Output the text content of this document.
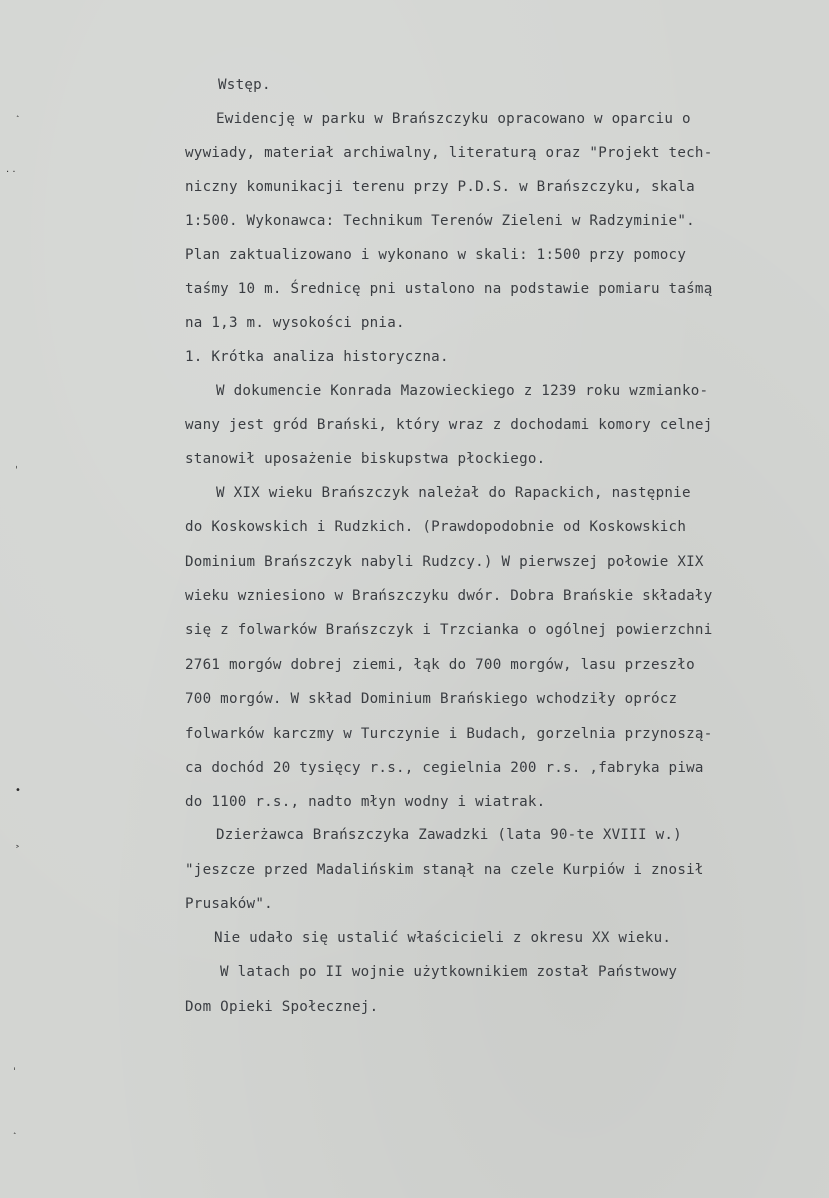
Wstęp.
Ewidencję w parku w Brańszczyku opracowano w oparciu o
wywiady, materiał archiwalny, literaturą oraz "Projekt tech-
niczny komunikacji terenu przy P.D.S. w Brańszczyku, skala
1:500. Wykonawca: Technikum Terenów Zieleni w Radzyminie".
Plan zaktualizowano i wykonano w skali: 1:500 przy pomocy
taśmy 10 m. Średnicę pni ustalono na podstawie pomiaru taśmą
na 1,3 m. wysokości pnia.
1. Krótka analiza historyczna.
W dokumencie Konrada Mazowieckiego z 1239 roku wzmianko-
wany jest gród Brański, który wraz z dochodami komory celnej
stanowił uposażenie biskupstwa płockiego.
W XIX wieku Brańszczyk należał do Rapackich, następnie
do Koskowskich i Rudzkich. (Prawdopodobnie od Koskowskich
Dominium Brańszczyk nabyli Rudzcy.) W pierwszej połowie XIX
wieku wzniesiono w Brańszczyku dwór. Dobra Brańskie składały
się z folwarków Brańszczyk i Trzcianka o ogólnej powierzchni
2761 morgów dobrej ziemi, łąk do 700 morgów, lasu przeszło
700 morgów. W skład Dominium Brańskiego wchodziły oprócz
folwarków karczmy w Turczynie i Budach, gorzelnia przynoszą-
ca dochód 20 tysięcy r.s., cegielnia 200 r.s. ,fabryka piwa
do 1100 r.s., nadto młyn wodny i wiatrak.
Dzierżawca Brańszczyka Zawadzki (lata 90-te XVIII w.)
"jeszcze przed Madalińskim stanął na czele Kurpiów i znosił
Prusaków".
Nie udało się ustalić właścicieli z okresu XX wieku.
W latach po II wojnie użytkownikiem został Państwowy
Dom Opieki Społecznej.
˰
· ·
ˌ
•
˃
ˈ
˰
